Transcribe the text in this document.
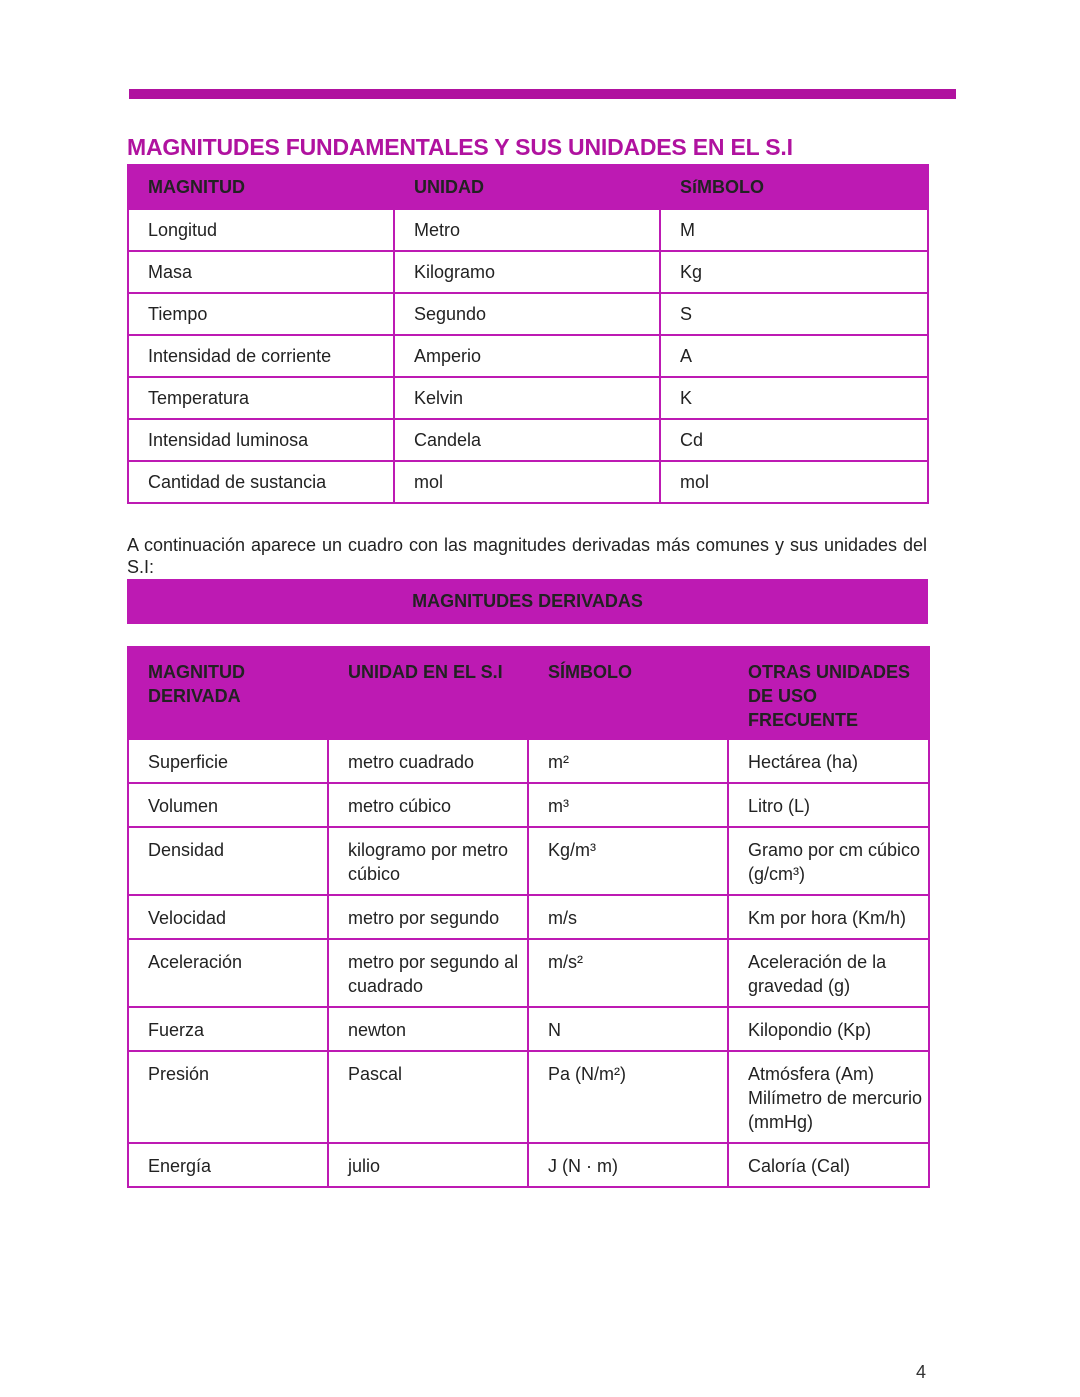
MAGNITUDES FUNDAMENTALES Y SUS UNIDADES EN EL S.I
MAGNITUD	UNIDAD	SíMBOLO
Longitud	Metro	M
Masa	Kilogramo	Kg
Tiempo	Segundo	S
Intensidad de corriente	Amperio	A
Temperatura	Kelvin	K
Intensidad luminosa	Candela	Cd
Cantidad de sustancia	mol	mol

A continuación aparece un cuadro con las magnitudes derivadas más comunes y sus unidades del S.I:

MAGNITUDES DERIVADAS
MAGNITUD DERIVADA	UNIDAD EN EL S.I	SÍMBOLO	OTRAS UNIDADES DE USO FRECUENTE
Superficie	metro cuadrado	m²	Hectárea (ha)
Volumen	metro cúbico	m³	Litro (L)
Densidad	kilogramo por metro cúbico	Kg/m³	Gramo por cm cúbico (g/cm³)
Velocidad	metro por segundo	m/s	Km por hora (Km/h)
Aceleración	metro por segundo al cuadrado	m/s²	Aceleración de la gravedad (g)
Fuerza	newton	N	Kilopondio (Kp)
Presión	Pascal	Pa (N/m²)	Atmósfera (Am) Milímetro de mercurio (mmHg)
Energía	julio	J (N · m)	Caloría (Cal)
4
